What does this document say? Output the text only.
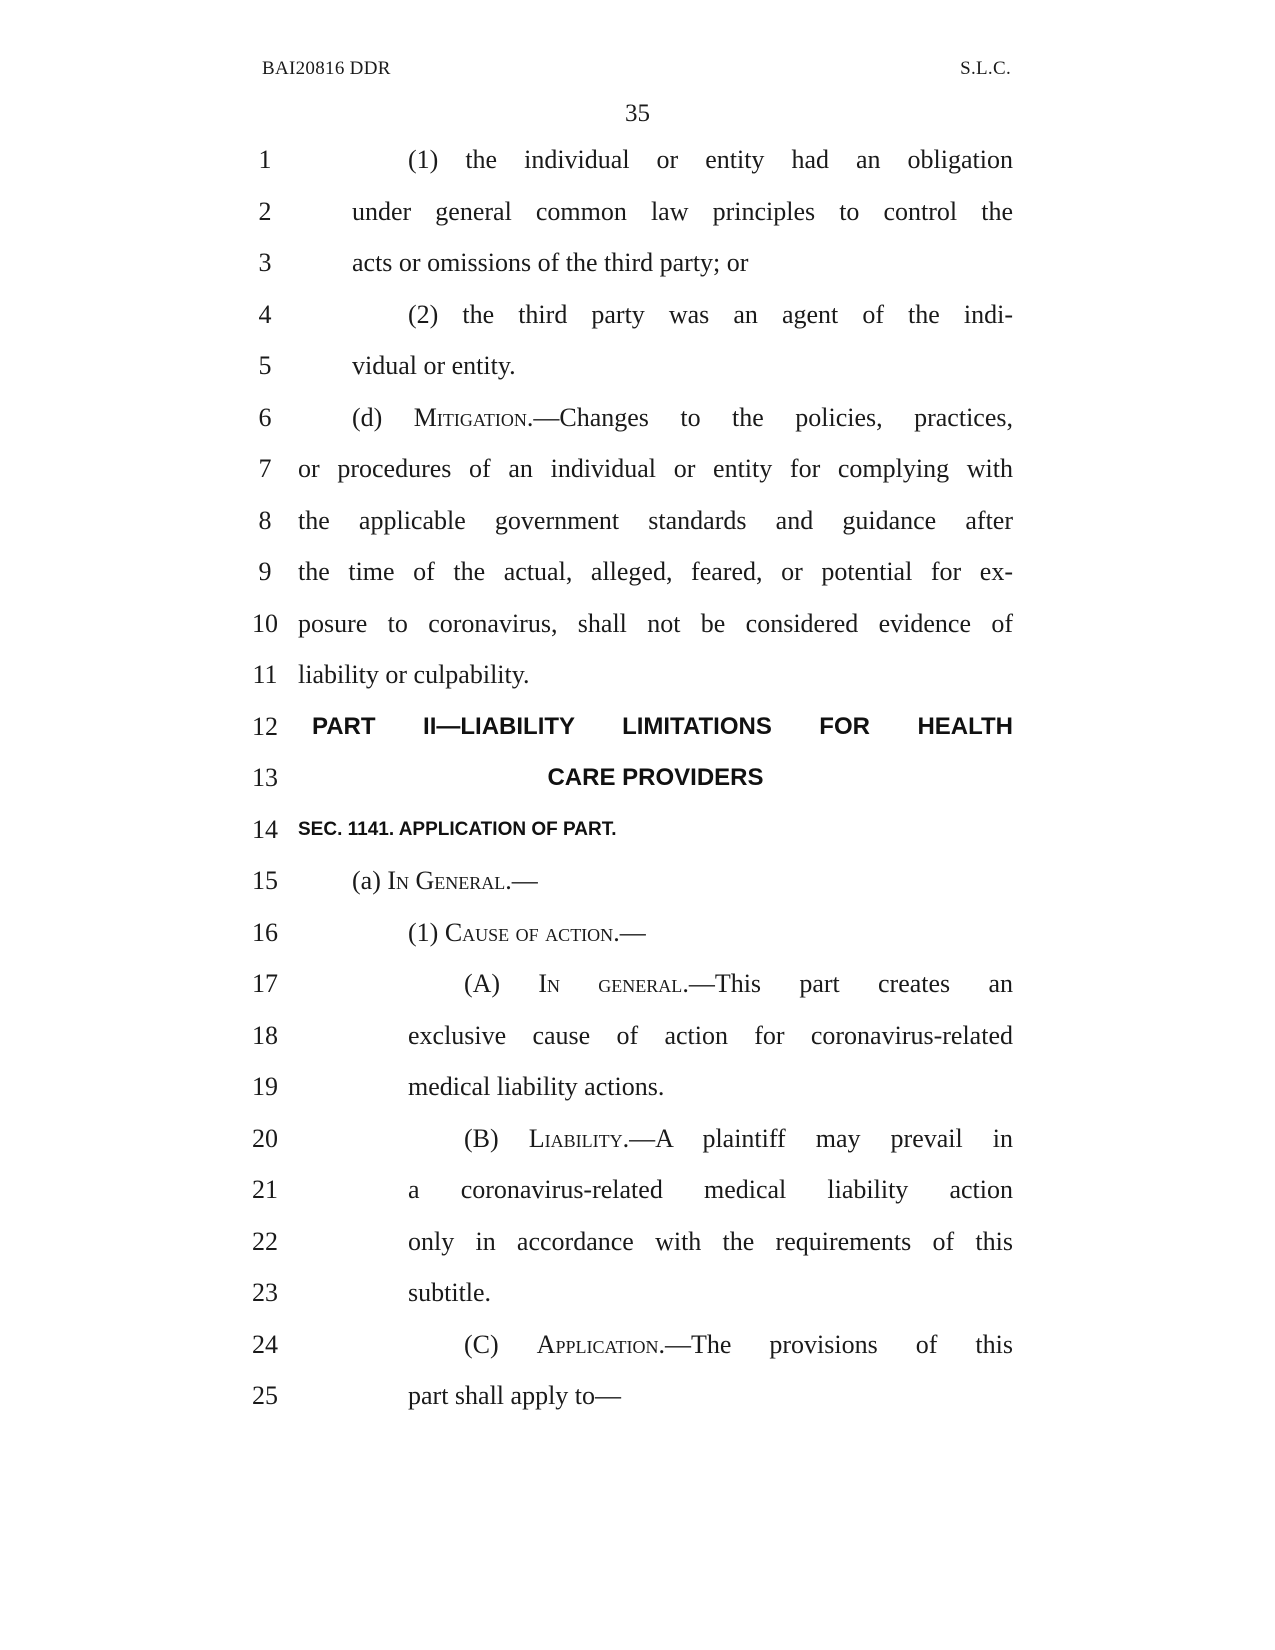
BAI20816 DDR	S.L.C.
35
1	(1) the individual or entity had an obligation
2	under general common law principles to control the
3	acts or omissions of the third party; or
4	(2) the third party was an agent of the indi-
5	vidual or entity.
6	(d) Mitigation.—Changes to the policies, practices,
7	or procedures of an individual or entity for complying with
8	the applicable government standards and guidance after
9	the time of the actual, alleged, feared, or potential for ex-
10 posure to coronavirus, shall not be considered evidence of
11 liability or culpability.
12	PART II—LIABILITY LIMITATIONS FOR HEALTH
13	CARE PROVIDERS
14	SEC. 1141. APPLICATION OF PART.
15	(a) In General.—
16	(1) Cause of action.—
17	(A) In general.—This part creates an
18	exclusive cause of action for coronavirus-related
19	medical liability actions.
20	(B) Liability.—A plaintiff may prevail in
21	a coronavirus-related medical liability action
22	only in accordance with the requirements of this
23	subtitle.
24	(C) Application.—The provisions of this
25	part shall apply to—
